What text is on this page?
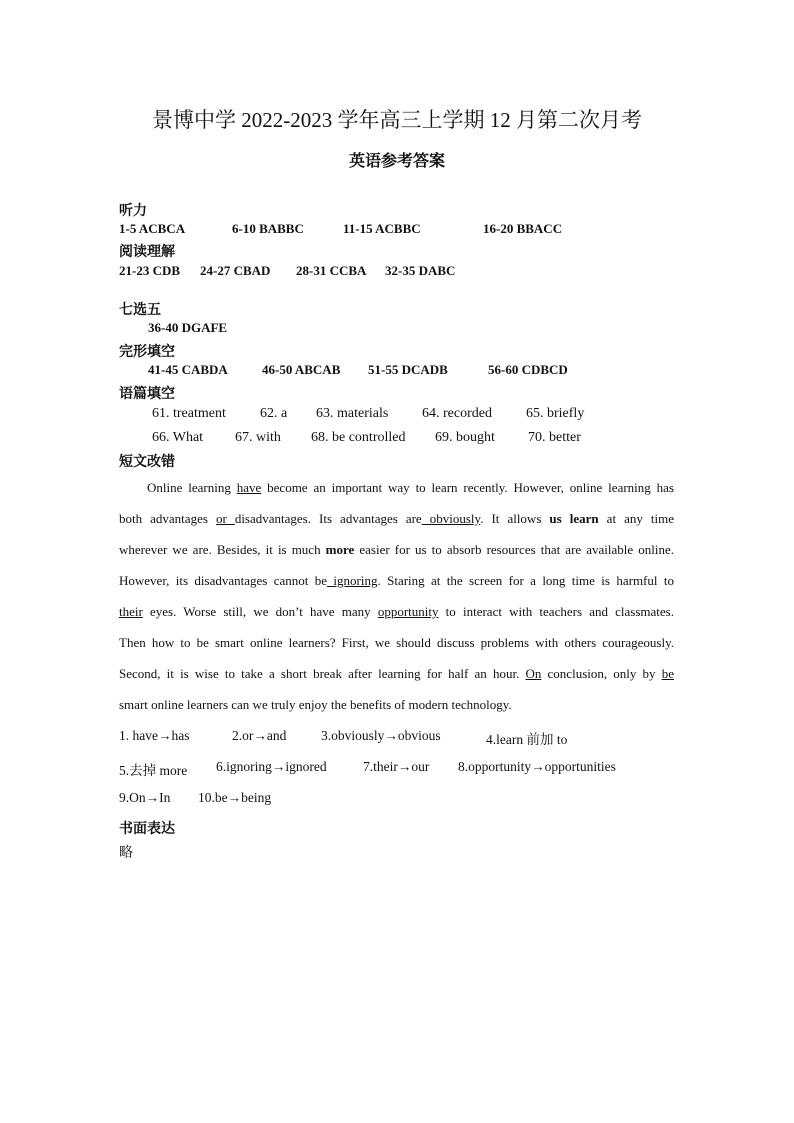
景博中学 2022-2023 学年高三上学期 12 月第二次月考
英语参考答案
听力
1-5 ACBCA	6-10 BABBC	11-15 ACBBC	16-20 BBACC
阅读理解
21-23 CDB 24-27 CBAD 28-31 CCBA 32-35 DABC
七选五
36-40 DGAFE
完形填空
41-45 CABDA	46-50 ABCAB 51-55 DCADB	56-60 CDBCD
语篇填空
61. treatment 62. a 63. materials 64. recorded 65. briefly
66. What 67. with 68. be controlled 69. bought 70. better
短文改错
Online learning have become an important way to learn recently. However, online learning has
both advantages or disadvantages. Its advantages are obviously. It allows us learn at any time
wherever we are. Besides, it is much more easier for us to absorb resources that are available online.
However, its disadvantages cannot be ignoring. Staring at the screen for a long time is harmful to
their eyes. Worse still, we don’t have many opportunity to interact with teachers and classmates.
Then how to be smart online learners? First, we should discuss problems with others courageously.
Second, it is wise to take a short break after learning for half an hour. On conclusion, only by be
smart online learners can we truly enjoy the benefits of modern technology.
1. have→has	2.or→and	3.obviously→obvious	4.learn 前加 to
5.去掉 more 6.ignoring→ignored	7.their→our 8.opportunity→opportunities
9.On→In 10.be→being
书面表达
略
